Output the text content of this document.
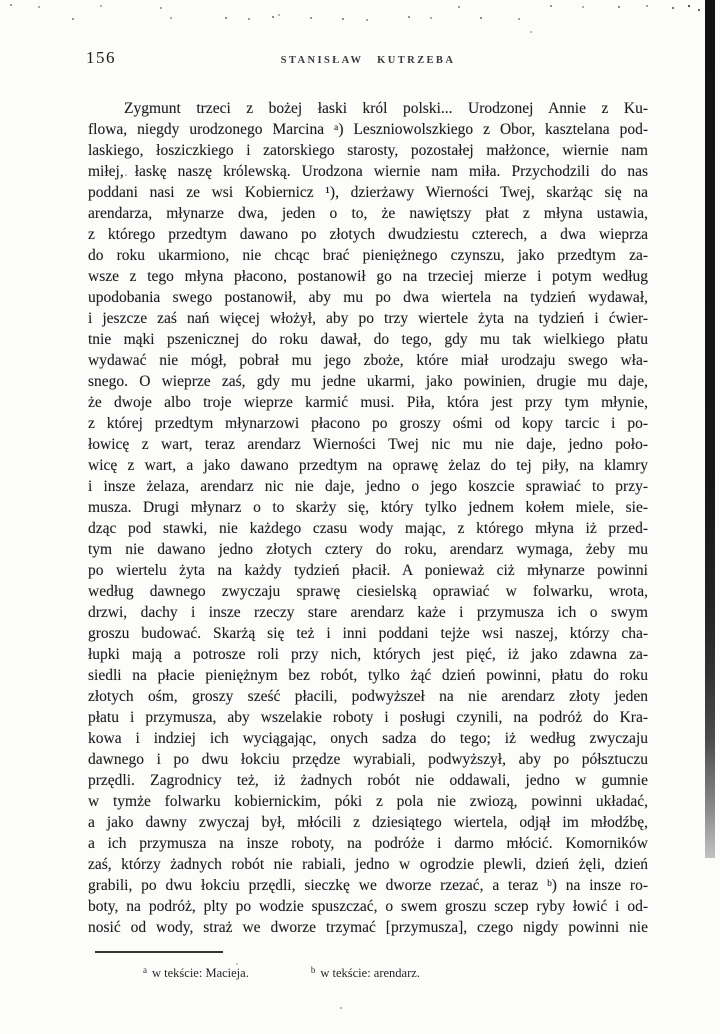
156	STANISŁAW KUTRZEBA
Zygmunt trzeci z bożej łaski król polski... Urodzonej Annie z Ku-
flowa, niegdy urodzonego Marcina ᵃ) Leszniowolszkiego z Obor, kasztelana pod-
laskiego, łosziczkiego i zatorskiego starosty, pozostałej małżonce, wiernie nam
miłej, łaskę naszę królewską. Urodzona wiernie nam miła. Przychodzili do nas
poddani nasi ze wsi Kobiernicz ¹), dzierżawy Wierności Twej, skarżąc się na
arendarza, młynarze dwa, jeden o to, że nawiętszy płat z młyna ustawia,
z którego przedtym dawano po złotych dwudziestu czterech, a dwa wieprza
do roku ukarmiono, nie chcąc brać pieniężnego czynszu, jako przedtym za-
wsze z tego młyna płacono, postanowił go na trzeciej mierze i potym według
upodobania swego postanowił, aby mu po dwa wiertela na tydzień wydawał,
i jeszcze zaś nań więcej włożył, aby po trzy wiertele żyta na tydzień i ćwier-
tnie mąki pszenicznej do roku dawał, do tego, gdy mu tak wielkiego płatu
wydawać nie mógł, pobrał mu jego zboże, które miał urodzaju swego wła-
snego. O wieprze zaś, gdy mu jedne ukarmi, jako powinien, drugie mu daje,
że dwoje albo troje wieprze karmić musi. Piła, która jest przy tym młynie,
z której przedtym młynarzowi płacono po groszy ośmi od kopy tarcic i po-
łowicę z wart, teraz arendarz Wierności Twej nic mu nie daje, jedno poło-
wicę z wart, a jako dawano przedtym na oprawę żelaz do tej piły, na klamry
i insze żelaza, arendarz nic nie daje, jedno o jego koszcie sprawiać to przy-
musza. Drugi młynarz o to skarży się, który tylko jednem kołem miele, sie-
dząc pod stawki, nie każdego czasu wody mając, z którego młyna iż przed-
tym nie dawano jedno złotych cztery do roku, arendarz wymaga, żeby mu
po wiertelu żyta na każdy tydzień płacił. A ponieważ ciż młynarze powinni
według dawnego zwyczaju sprawę ciesielską oprawiać w folwarku, wrota,
drzwi, dachy i insze rzeczy stare arendarz każe i przymusza ich o swym
groszu budować. Skarżą się też i inni poddani tejże wsi naszej, którzy cha-
łupki mają a potrosze roli przy nich, których jest pięć, iż jako zdawna za-
siedli na płacie pieniężnym bez robót, tylko żąć dzień powinni, płatu do roku
złotych ośm, groszy sześć płacili, podwyższeł na nie arendarz złoty jeden
płatu i przymusza, aby wszelakie roboty i posługi czynili, na podróż do Kra-
kowa i indziej ich wyciągając, onych sadza do tego; iż według zwyczaju
dawnego i po dwu łokciu przędze wyrabiali, podwyższył, aby po półsztuczu
przędli. Zagrodnicy też, iż żadnych robót nie oddawali, jedno w gumnie
w tymże folwarku kobiernickim, póki z pola nie zwiozą, powinni układać,
a jako dawny zwyczaj był, młócili z dziesiątego wiertela, odjął im młodźbę,
a ich przymusza na insze roboty, na podróże i darmo młócić. Komorników
zaś, którzy żadnych robót nie rabiali, jedno w ogrodzie plewli, dzień żęli, dzień
grabili, po dwu łokciu przędli, sieczkę we dworze rzezać, a teraz ᵇ) na insze ro-
boty, na podróż, plty po wodzie spuszczać, o swem groszu sczep ryby łowić i od-
nosić od wody, straż we dworze trzymać [przymusza], czego nigdy powinni nie
a w tekście: Macieja.	b w tekście: arendarz.
